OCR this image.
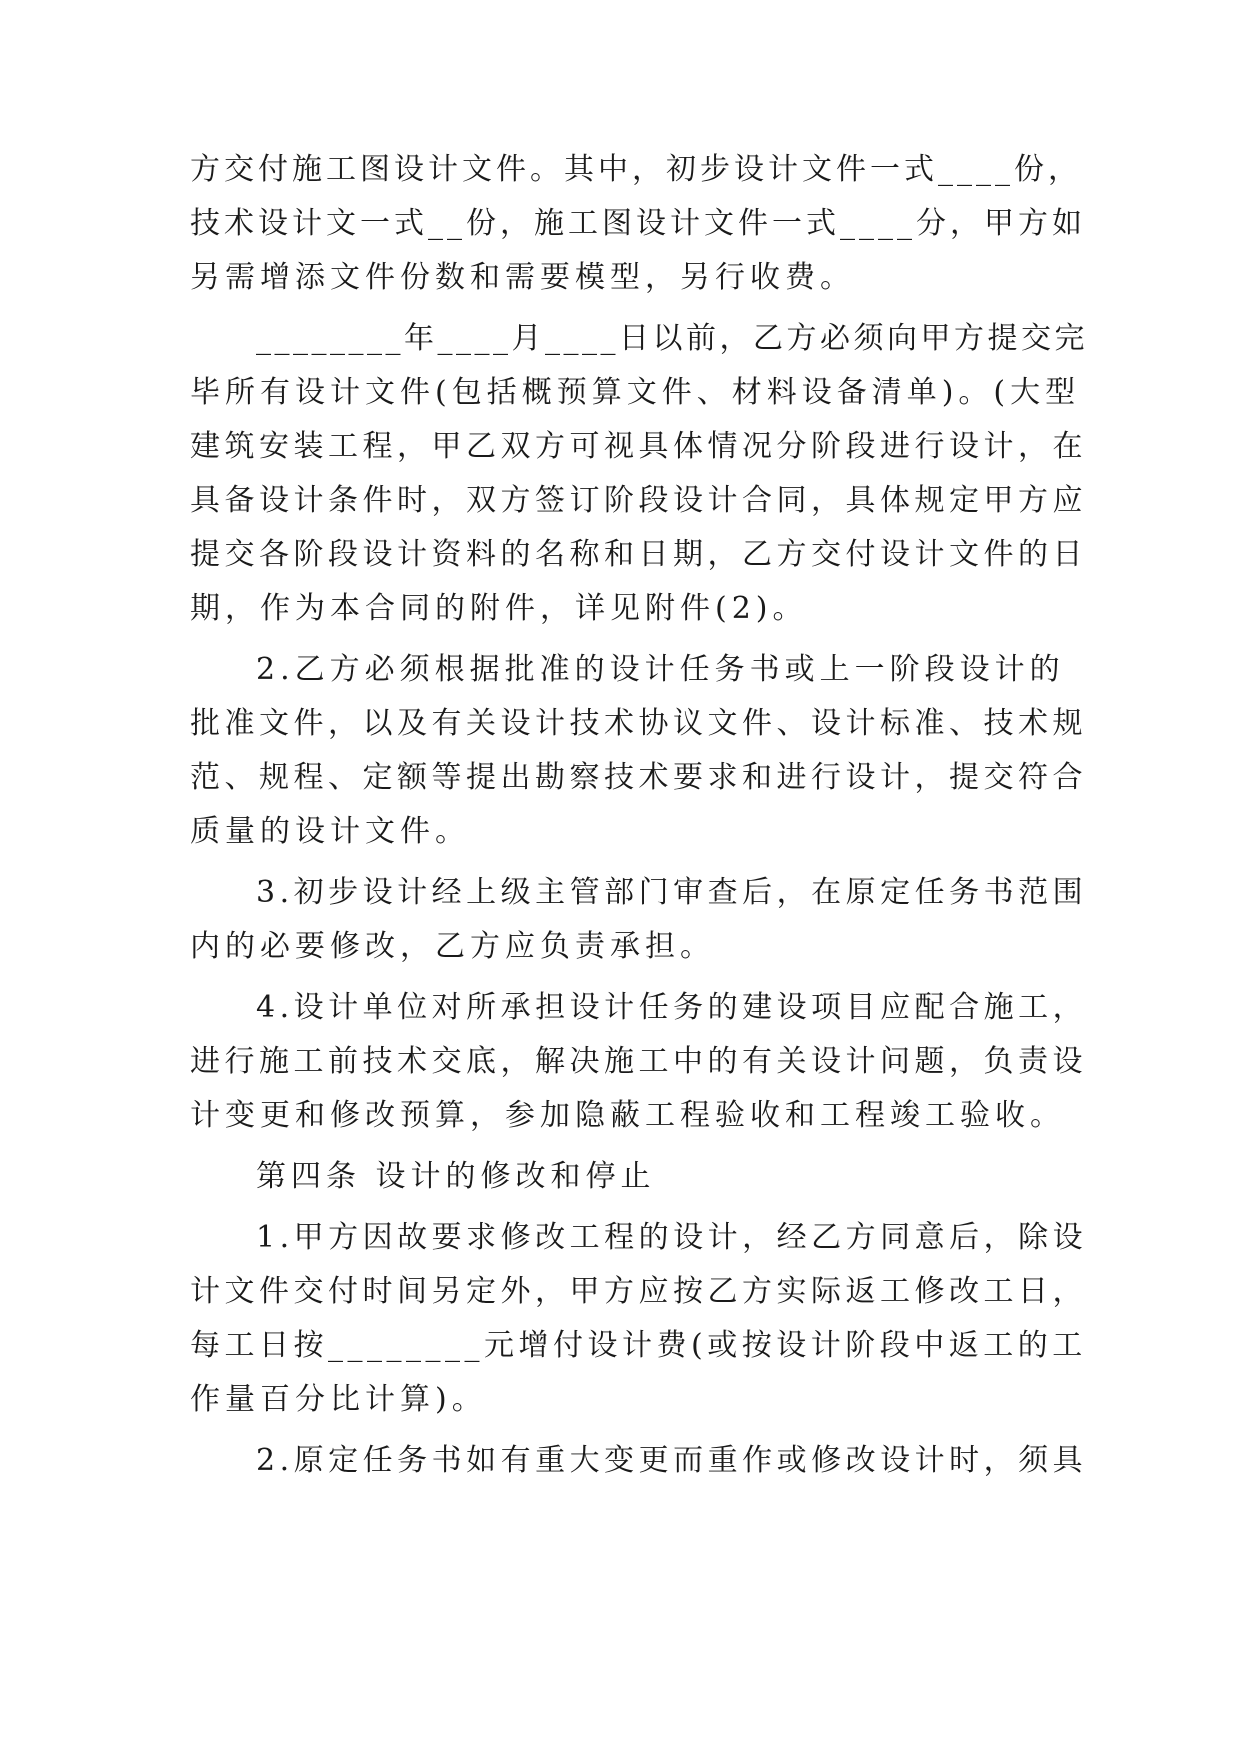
方交付施工图设计文件。其中，初步设计文件一式____份，
技术设计文一式__份，施工图设计文件一式____分，甲方如
另需增添文件份数和需要模型，另行收费。
________年____月____日以前，乙方必须向甲方提交完
毕所有设计文件(包括概预算文件、材料设备清单)。(大型
建筑安装工程，甲乙双方可视具体情况分阶段进行设计，在
具备设计条件时，双方签订阶段设计合同，具体规定甲方应
提交各阶段设计资料的名称和日期，乙方交付设计文件的日
期，作为本合同的附件，详见附件(2)。
2.乙方必须根据批准的设计任务书或上一阶段设计的
批准文件，以及有关设计技术协议文件、设计标准、技术规
范、规程、定额等提出勘察技术要求和进行设计，提交符合
质量的设计文件。
3.初步设计经上级主管部门审查后，在原定任务书范围
内的必要修改，乙方应负责承担。
4.设计单位对所承担设计任务的建设项目应配合施工，
进行施工前技术交底，解决施工中的有关设计问题，负责设
计变更和修改预算，参加隐蔽工程验收和工程竣工验收。
第四条 设计的修改和停止
1.甲方因故要求修改工程的设计，经乙方同意后，除设
计文件交付时间另定外，甲方应按乙方实际返工修改工日，
每工日按________元增付设计费(或按设计阶段中返工的工
作量百分比计算)。
2.原定任务书如有重大变更而重作或修改设计时，须具
